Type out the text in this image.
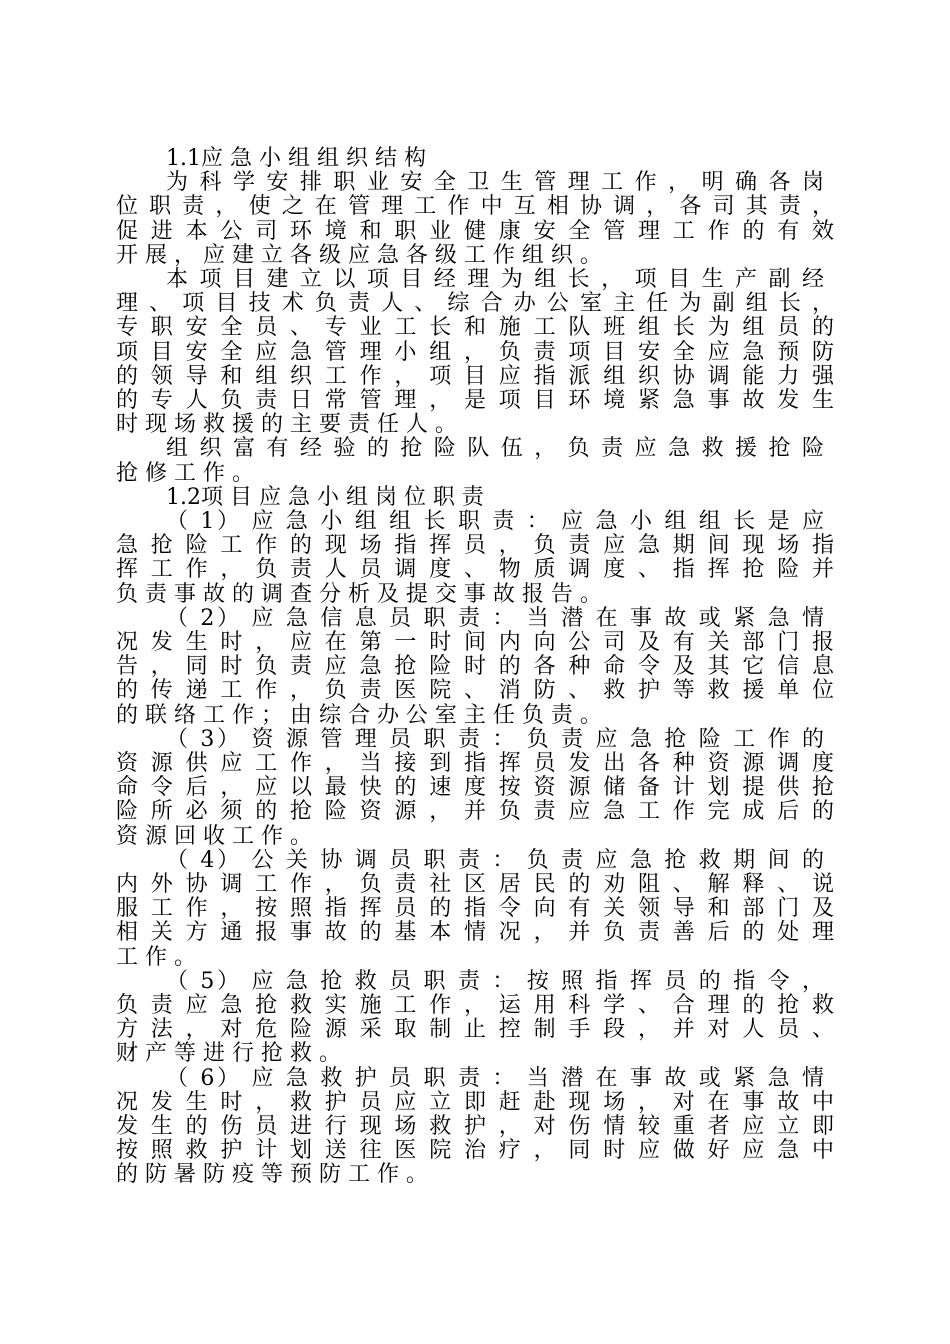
1.1应 急 小 组 组 织 结 构
为 科 学 安 排 职 业 安 全 卫 生 管 理 工 作 ， 明 确 各 岗
位 职 责 ， 使 之 在 管 理 工 作 中 互 相 协 调 ， 各 司 其 责 ，
促 进 本 公 司 环 境 和 职 业 健 康 安 全 管 理 工 作 的 有 效
开 展 ， 应 建 立 各 级 应 急 各 级 工 作 组 织 。
本 项 目 建 立 以 项 目 经 理 为 组 长 ， 项 目 生 产 副 经
理 、 项 目 技 术 负 责 人 、 综 合 办 公 室 主 任 为 副 组 长 ，
专 职 安 全 员 、 专 业 工 长 和 施 工 队 班 组 长 为 组 员 的
项 目 安 全 应 急 管 理 小 组 ， 负 责 项 目 安 全 应 急 预 防
的 领 导 和 组 织 工 作 ， 项 目 应 指 派 组 织 协 调 能 力 强
的 专 人 负 责 日 常 管 理 ， 是 项 目 环 境 紧 急 事 故 发 生
时 现 场 救 援 的 主 要 责 任 人 。
组 织 富 有 经 验 的 抢 险 队 伍 ， 负 责 应 急 救 援 抢 险
抢 修 工 作 。
1.2项 目 应 急 小 组 岗 位 职 责
（ 1） 应 急 小 组 组 长 职 责 ： 应 急 小 组 组 长 是 应
急 抢 险 工 作 的 现 场 指 挥 员 ， 负 责 应 急 期 间 现 场 指
挥 工 作 ， 负 责 人 员 调 度 、 物 质 调 度 、 指 挥 抢 险 并
负 责 事 故 的 调 查 分 析 及 提 交 事 故 报 告 。
（ 2） 应 急 信 息 员 职 责 ： 当 潜 在 事 故 或 紧 急 情
况 发 生 时 ， 应 在 第 一 时 间 内 向 公 司 及 有 关 部 门 报
告 ， 同 时 负 责 应 急 抢 险 时 的 各 种 命 令 及 其 它 信 息
的 传 递 工 作 ， 负 责 医 院 、 消 防 、 救 护 等 救 援 单 位
的 联 络 工 作 ； 由 综 合 办 公 室 主 任 负 责 。
（ 3） 资 源 管 理 员 职 责 ： 负 责 应 急 抢 险 工 作 的
资 源 供 应 工 作 ， 当 接 到 指 挥 员 发 出 各 种 资 源 调 度
命 令 后 ， 应 以 最 快 的 速 度 按 资 源 储 备 计 划 提 供 抢
险 所 必 须 的 抢 险 资 源 ， 并 负 责 应 急 工 作 完 成 后 的
资 源 回 收 工 作 。
（ 4） 公 关 协 调 员 职 责 ： 负 责 应 急 抢 救 期 间 的
内 外 协 调 工 作 ， 负 责 社 区 居 民 的 劝 阻 、 解 释 、 说
服 工 作 ， 按 照 指 挥 员 的 指 令 向 有 关 领 导 和 部 门 及
相 关 方 通 报 事 故 的 基 本 情 况 ， 并 负 责 善 后 的 处 理
工 作 。
（ 5） 应 急 抢 救 员 职 责 ： 按 照 指 挥 员 的 指 令 ，
负 责 应 急 抢 救 实 施 工 作 ， 运 用 科 学 、 合 理 的 抢 救
方 法 ， 对 危 险 源 采 取 制 止 控 制 手 段 ， 并 对 人 员 、
财 产 等 进 行 抢 救 。
（ 6） 应 急 救 护 员 职 责 ： 当 潜 在 事 故 或 紧 急 情
况 发 生 时 ， 救 护 员 应 立 即 赶 赴 现 场 ， 对 在 事 故 中
发 生 的 伤 员 进 行 现 场 救 护 ， 对 伤 情 较 重 者 应 立 即
按 照 救 护 计 划 送 往 医 院 治 疗 ， 同 时 应 做 好 应 急 中
的 防 暑 防 疫 等 预 防 工 作 。
